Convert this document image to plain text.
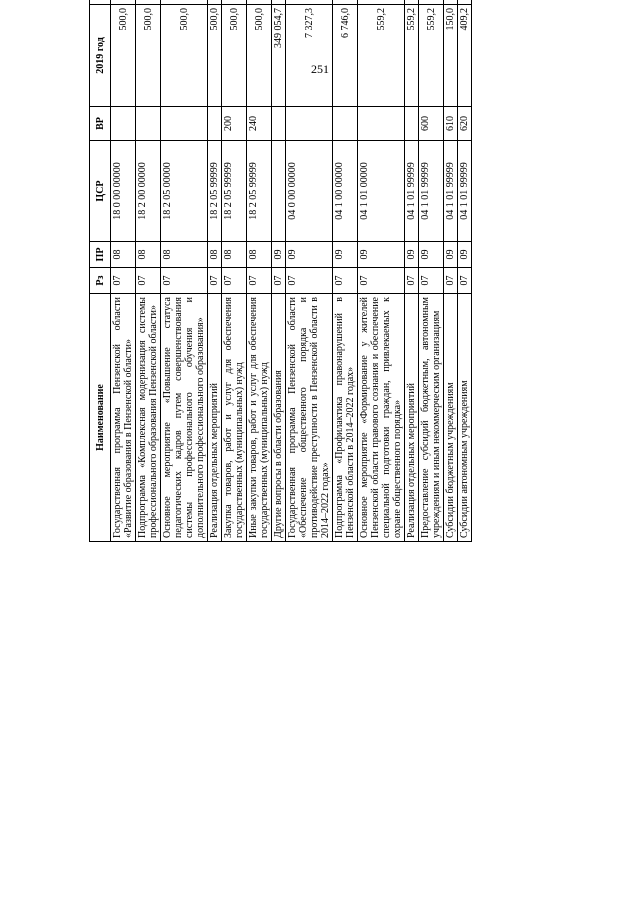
251
Наименование	Рз	ПР	ЦСР	ВР	2019 год		
Государственная программа Пензенской области «Развитие образования в Пензенской области»	07	08	18 0 00 00000		500,0		
Подпрограмма «Комплексная модернизация системы профессионального образования Пензенской области»	07	08	18 2 00 00000		500,0		
Основное мероприятие «Повышение статуса педагогических кадров путем совершенствования системы профессионального обучения и дополнительного профессионального образования»	07	08	18 2 05 00000		500,0		
Реализация отдельных мероприятий	07	08	18 2 05 99999		500,0		
Закупка товаров, работ и услуг для обеспечения государственных (муниципальных) нужд	07	08	18 2 05 99999	200	500,0		
Иные закупки товаров, работ и услуг для обеспечения государственных (муниципальных) нужд	07	08	18 2 05 99999	240	500,0		
Другие вопросы в области образования	07	09			349 054,7		
Государственная программа Пензенской области «Обеспечение общественного порядка и противодействие преступности в Пензенской области в 2014–2022 годах»	07	09	04 0 00 00000		7 327,3		
Подпрограмма «Профилактика правонарушений в Пензенской области в 2014–2022 годах»	07	09	04 1 00 00000		6 746,0		
Основное мероприятие «Формирование у жителей Пензенской области правового сознания и обеспечение специальной подготовки граждан, привлекаемых к охране общественного порядка»	07	09	04 1 01 00000		559,2		
Реализация отдельных мероприятий	07	09	04 1 01 99999		559,2		
Предоставление субсидий бюджетным, автономным учреждениям и иным некоммерческим организациям	07	09	04 1 01 99999	600	559,2		
Субсидии бюджетным учреждениям	07	09	04 1 01 99999	610	150,0		
Субсидии автономным учреждениям	07	09	04 1 01 99999	620	409,2		
